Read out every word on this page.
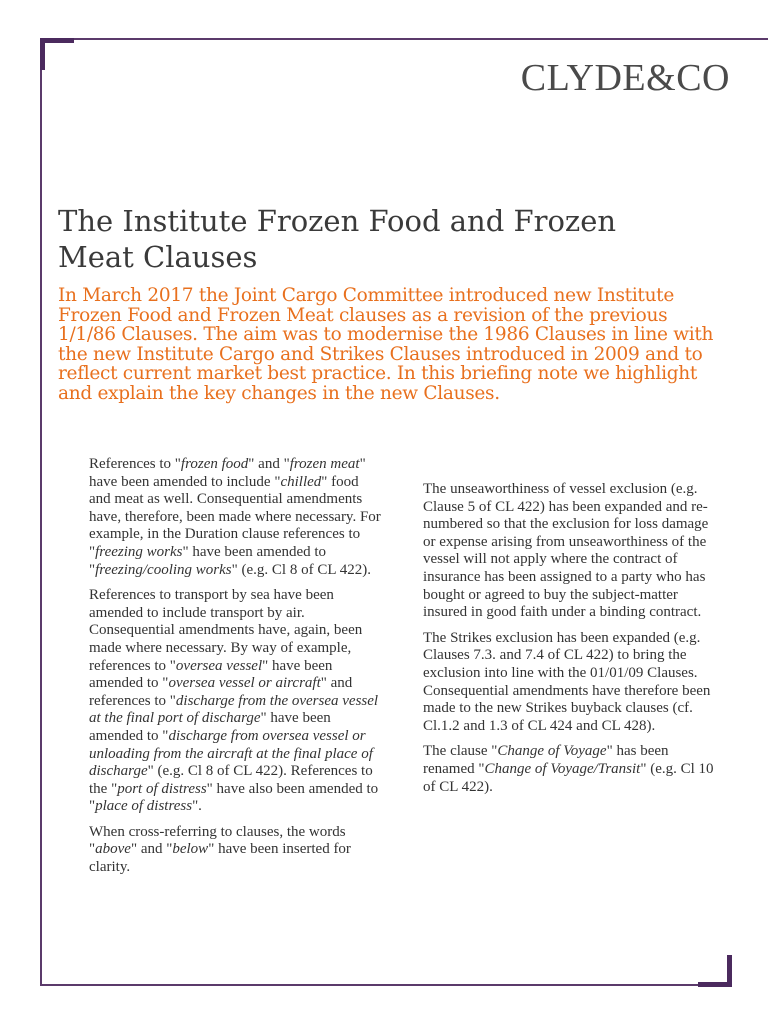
CLYDE&CO
The Institute Frozen Food and Frozen Meat Clauses

In March 2017 the Joint Cargo Committee introduced new Institute Frozen Food and Frozen Meat clauses as a revision of the previous 1/1/86 Clauses. The aim was to modernise the 1986 Clauses in line with the new Institute Cargo and Strikes Clauses introduced in 2009 and to reflect current market best practice. In this briefing note we highlight and explain the key changes in the new Clauses.

References to "frozen food" and "frozen meat" have been amended to include "chilled" food and meat as well. Consequential amendments have, therefore, been made where necessary. For example, in the Duration clause references to "freezing works" have been amended to "freezing/cooling works" (e.g. Cl 8 of CL 422).

References to transport by sea have been amended to include transport by air. Consequential amendments have, again, been made where necessary. By way of example, references to "oversea vessel" have been amended to "oversea vessel or aircraft" and references to "discharge from the oversea vessel at the final port of discharge" have been amended to "discharge from oversea vessel or unloading from the aircraft at the final place of discharge" (e.g. Cl 8 of CL 422). References to the "port of distress" have also been amended to "place of distress".

When cross-referring to clauses, the words "above" and "below" have been inserted for clarity.

The unseaworthiness of vessel exclusion (e.g. Clause 5 of CL 422) has been expanded and re-numbered so that the exclusion for loss damage or expense arising from unseaworthiness of the vessel will not apply where the contract of insurance has been assigned to a party who has bought or agreed to buy the subject-matter insured in good faith under a binding contract.

The Strikes exclusion has been expanded (e.g. Clauses 7.3. and 7.4 of CL 422) to bring the exclusion into line with the 01/01/09 Clauses. Consequential amendments have therefore been made to the new Strikes buyback clauses (cf. Cl.1.2 and 1.3 of CL 424 and CL 428).

The clause "Change of Voyage" has been renamed "Change of Voyage/Transit" (e.g. Cl 10 of CL 422).
